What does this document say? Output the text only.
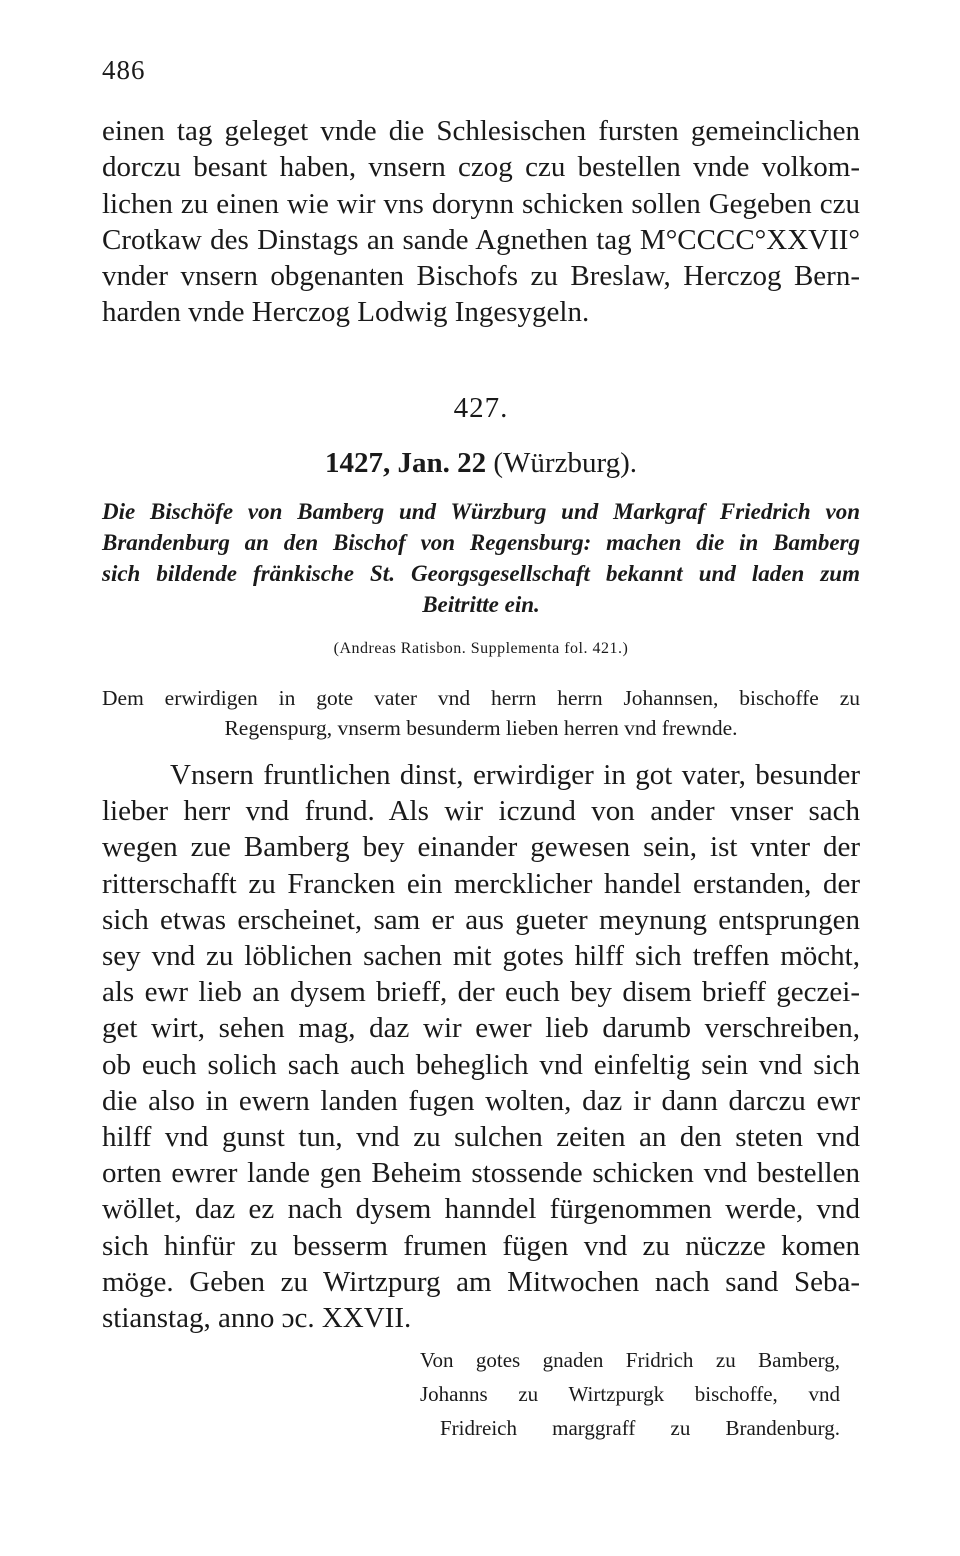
486
einen tag geleget vnde die Schlesischen fursten gemeinclichen
dorczu besant haben, vnsern czog czu bestellen vnde volkom-
lichen zu einen wie wir vns dorynn schicken sollen Gegeben czu
Crotkaw des Dinstags an sande Agnethen tag M°CCCC°XXVII°
vnder vnsern obgenanten Bischofs zu Breslaw, Herczog Bern-
harden vnde Herczog Lodwig Ingesygeln.
427.
1427, Jan. 22 (Würzburg).
Die Bischöfe von Bamberg und Würzburg und Markgraf Friedrich von
Brandenburg an den Bischof von Regensburg: machen die in Bamberg
sich bildende fränkische St. Georgsgesellschaft bekannt und laden zum
Beitritte ein.
(Andreas Ratisbon. Supplementa fol. 421.)
Dem erwirdigen in gote vater vnd herrn herrn Johannsen, bischoffe zu
Regenspurg, vnserm besunderm lieben herren vnd frewnde.
Vnsern fruntlichen dinst, erwirdiger in got vater, besunder
lieber herr vnd frund. Als wir iczund von ander vnser sach
wegen zue Bamberg bey einander gewesen sein, ist vnter der
ritterschafft zu Francken ein mercklicher handel erstanden, der
sich etwas erscheinet, sam er aus gueter meynung entsprungen
sey vnd zu löblichen sachen mit gotes hilff sich treffen möcht,
als ewr lieb an dysem brieff, der euch bey disem brieff geczei-
get wirt, sehen mag, daz wir ewer lieb darumb verschreiben,
ob euch solich sach auch beheglich vnd einfeltig sein vnd sich
die also in ewern landen fugen wolten, daz ir dann darczu ewr
hilff vnd gunst tun, vnd zu sulchen zeiten an den steten vnd
orten ewrer lande gen Beheim stossende schicken vnd bestellen
wöllet, daz ez nach dysem hanndel fürgenommen werde, vnd
sich hinfür zu besserm frumen fügen vnd zu nüczze komen
möge. Geben zu Wirtzpurg am Mitwochen nach sand Seba-
stianstag, anno ɔc. XXVII.
Von gotes gnaden Fridrich zu Bamberg,
Johanns zu Wirtzpurgk bischoffe, vnd
Fridreich marggraff zu Brandenburg.
